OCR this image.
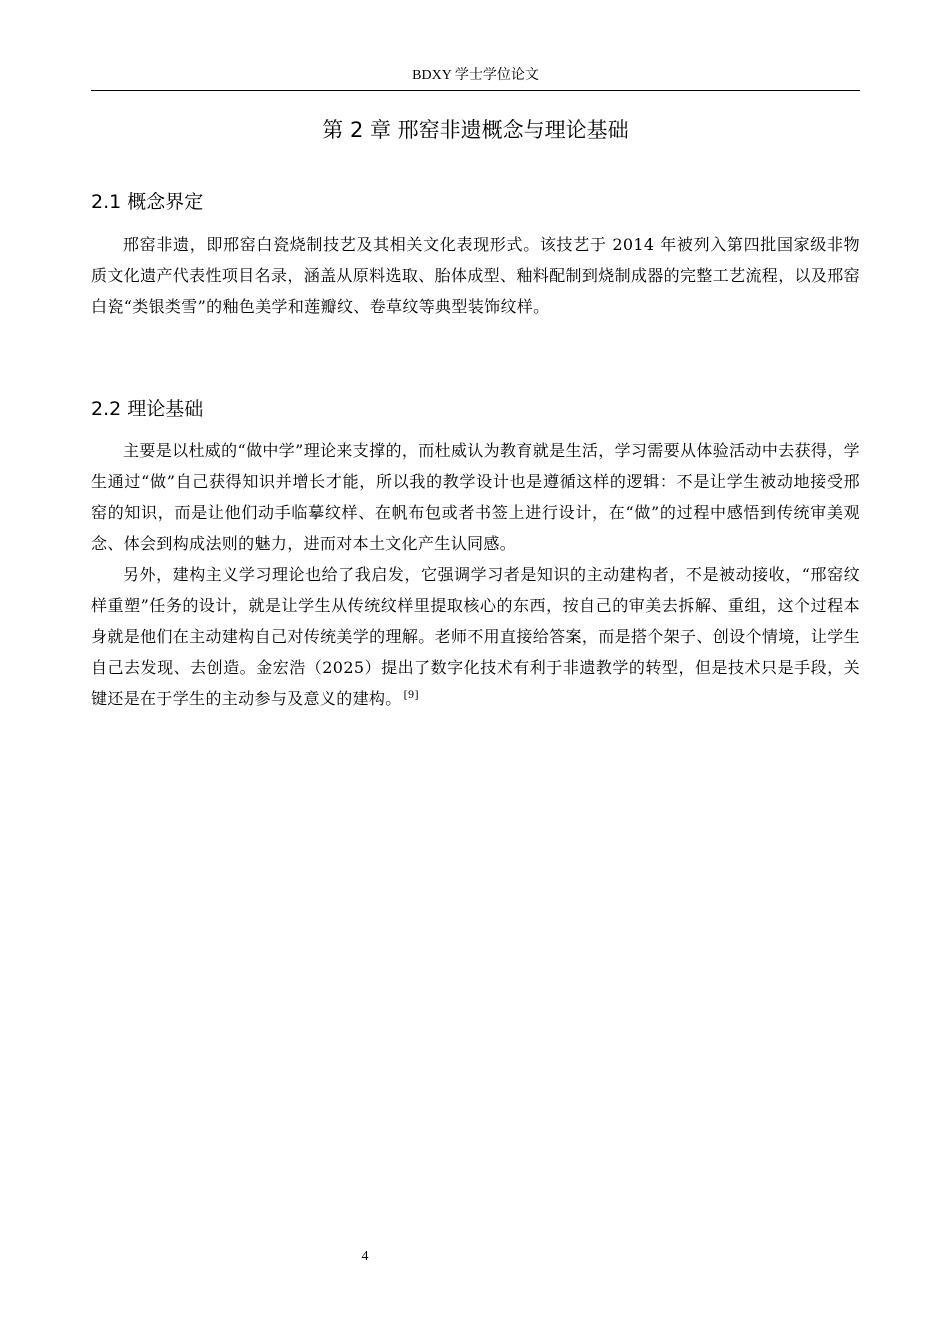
BDXY 学士学位论文
第 2 章 邢窑非遗概念与理论基础
2.1 概念界定

邢窑非遗，即邢窑白瓷烧制技艺及其相关文化表现形式。该技艺于 2014 年被列入第四批国家级非物质文化遗产代表性项目名录，涵盖从原料选取、胎体成型、釉料配制到烧制成器的完整工艺流程，以及邢窑白瓷“类银类雪”的釉色美学和莲瓣纹、卷草纹等典型装饰纹样。

2.2 理论基础

主要是以杜威的“做中学”理论来支撑的，而杜威认为教育就是生活，学习需要从体验活动中去获得，学生通过“做”自己获得知识并增长才能，所以我的教学设计也是遵循这样的逻辑：不是让学生被动地接受邢窑的知识，而是让他们动手临摹纹样、在帆布包或者书签上进行设计，在“做”的过程中感悟到传统审美观念、体会到构成法则的魅力，进而对本土文化产生认同感。

另外，建构主义学习理论也给了我启发，它强调学习者是知识的主动建构者，不是被动接收，“邢窑纹样重塑”任务的设计，就是让学生从传统纹样里提取核心的东西，按自己的审美去拆解、重组，这个过程本身就是他们在主动建构自己对传统美学的理解。老师不用直接给答案，而是搭个架子、创设个情境，让学生自己去发现、去创造。金宏浩（2025）提出了数字化技术有利于非遗教学的转型，但是技术只是手段，关键还是在于学生的主动参与及意义的建构。 [9]

4
